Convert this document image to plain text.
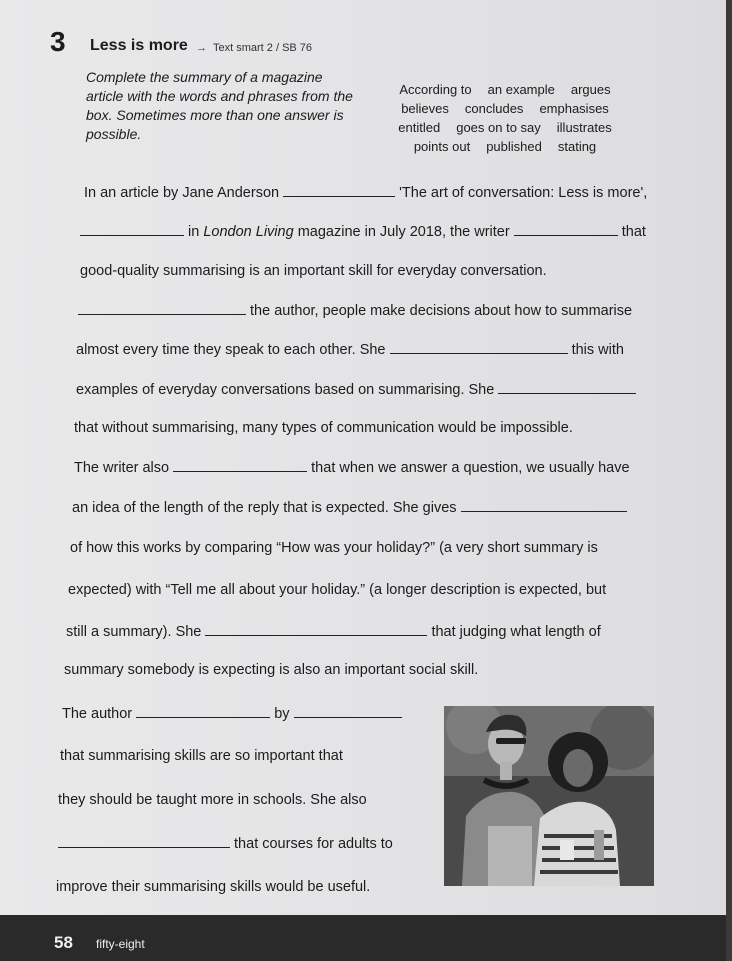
3 Less is more → Text smart 2 / SB 76
Complete the summary of a magazine article with the words and phrases from the box. Sometimes more than one answer is possible.
According to an example argues
believes concludes emphasises
entitled goes on to say illustrates
points out published stating
In an article by Jane Anderson	'The art of conversation: Less is more',
in London Living magazine in July 2018, the writer	that
good-quality summarising is an important skill for everyday conversation.
the author, people make decisions about how to summarise
almost every time they speak to each other. She	this with
examples of everyday conversations based on summarising. She
that without summarising, many types of communication would be impossible.
The writer also	that when we answer a question, we usually have
an idea of the length of the reply that is expected. She gives
of how this works by comparing “How was your holiday?” (a very short summary is
expected) with “Tell me all about your holiday.” (a longer description is expected, but
still a summary). She	that judging what length of
summary somebody is expecting is also an important social skill.
The author	by
that summarising skills are so important that
they should be taught more in schools. She also
that courses for adults to
improve their summarising skills would be useful.
58 fifty-eight
